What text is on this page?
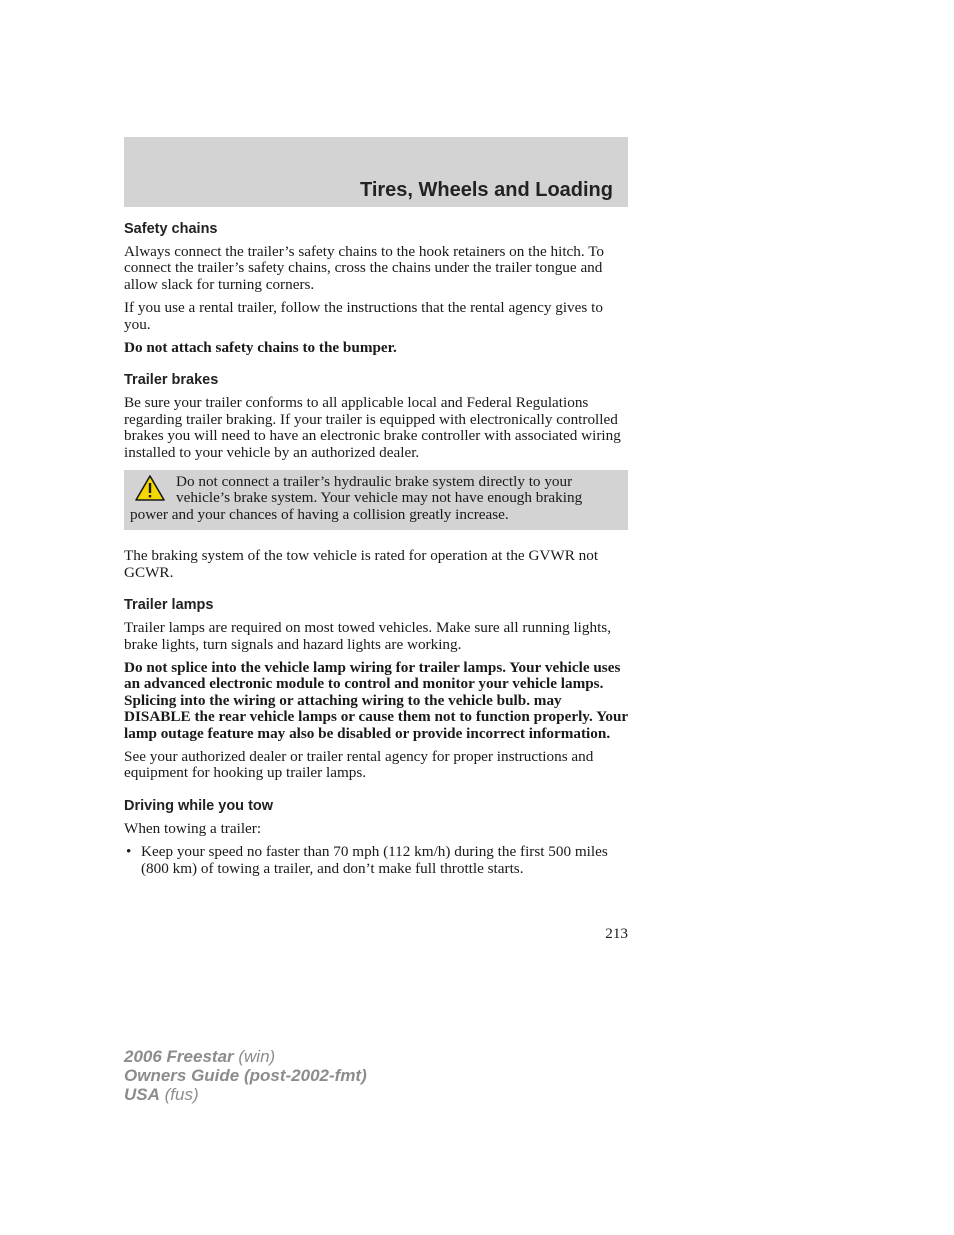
Tires, Wheels and Loading
Safety chains

Always connect the trailer’s safety chains to the hook retainers on the hitch. To connect the trailer’s safety chains, cross the chains under the trailer tongue and allow slack for turning corners.

If you use a rental trailer, follow the instructions that the rental agency gives to you.

Do not attach safety chains to the bumper.

Trailer brakes

Be sure your trailer conforms to all applicable local and Federal Regulations regarding trailer braking. If your trailer is equipped with electronically controlled brakes you will need to have an electronic brake controller with associated wiring installed to your vehicle by an authorized dealer.

Do not connect a trailer’s hydraulic brake system directly to your vehicle’s brake system. Your vehicle may not have enough braking power and your chances of having a collision greatly increase.

The braking system of the tow vehicle is rated for operation at the GVWR not GCWR.

Trailer lamps

Trailer lamps are required on most towed vehicles. Make sure all running lights, brake lights, turn signals and hazard lights are working.

Do not splice into the vehicle lamp wiring for trailer lamps. Your vehicle uses an advanced electronic module to control and monitor your vehicle lamps. Splicing into the wiring or attaching wiring to the vehicle bulb. may DISABLE the rear vehicle lamps or cause them not to function properly. Your lamp outage feature may also be disabled or provide incorrect information.

See your authorized dealer or trailer rental agency for proper instructions and equipment for hooking up trailer lamps.

Driving while you tow

When towing a trailer:

• Keep your speed no faster than 70 mph (112 km/h) during the first 500 miles (800 km) of towing a trailer, and don’t make full throttle starts.
213
2006 Freestar (win)
Owners Guide (post-2002-fmt)
USA (fus)
